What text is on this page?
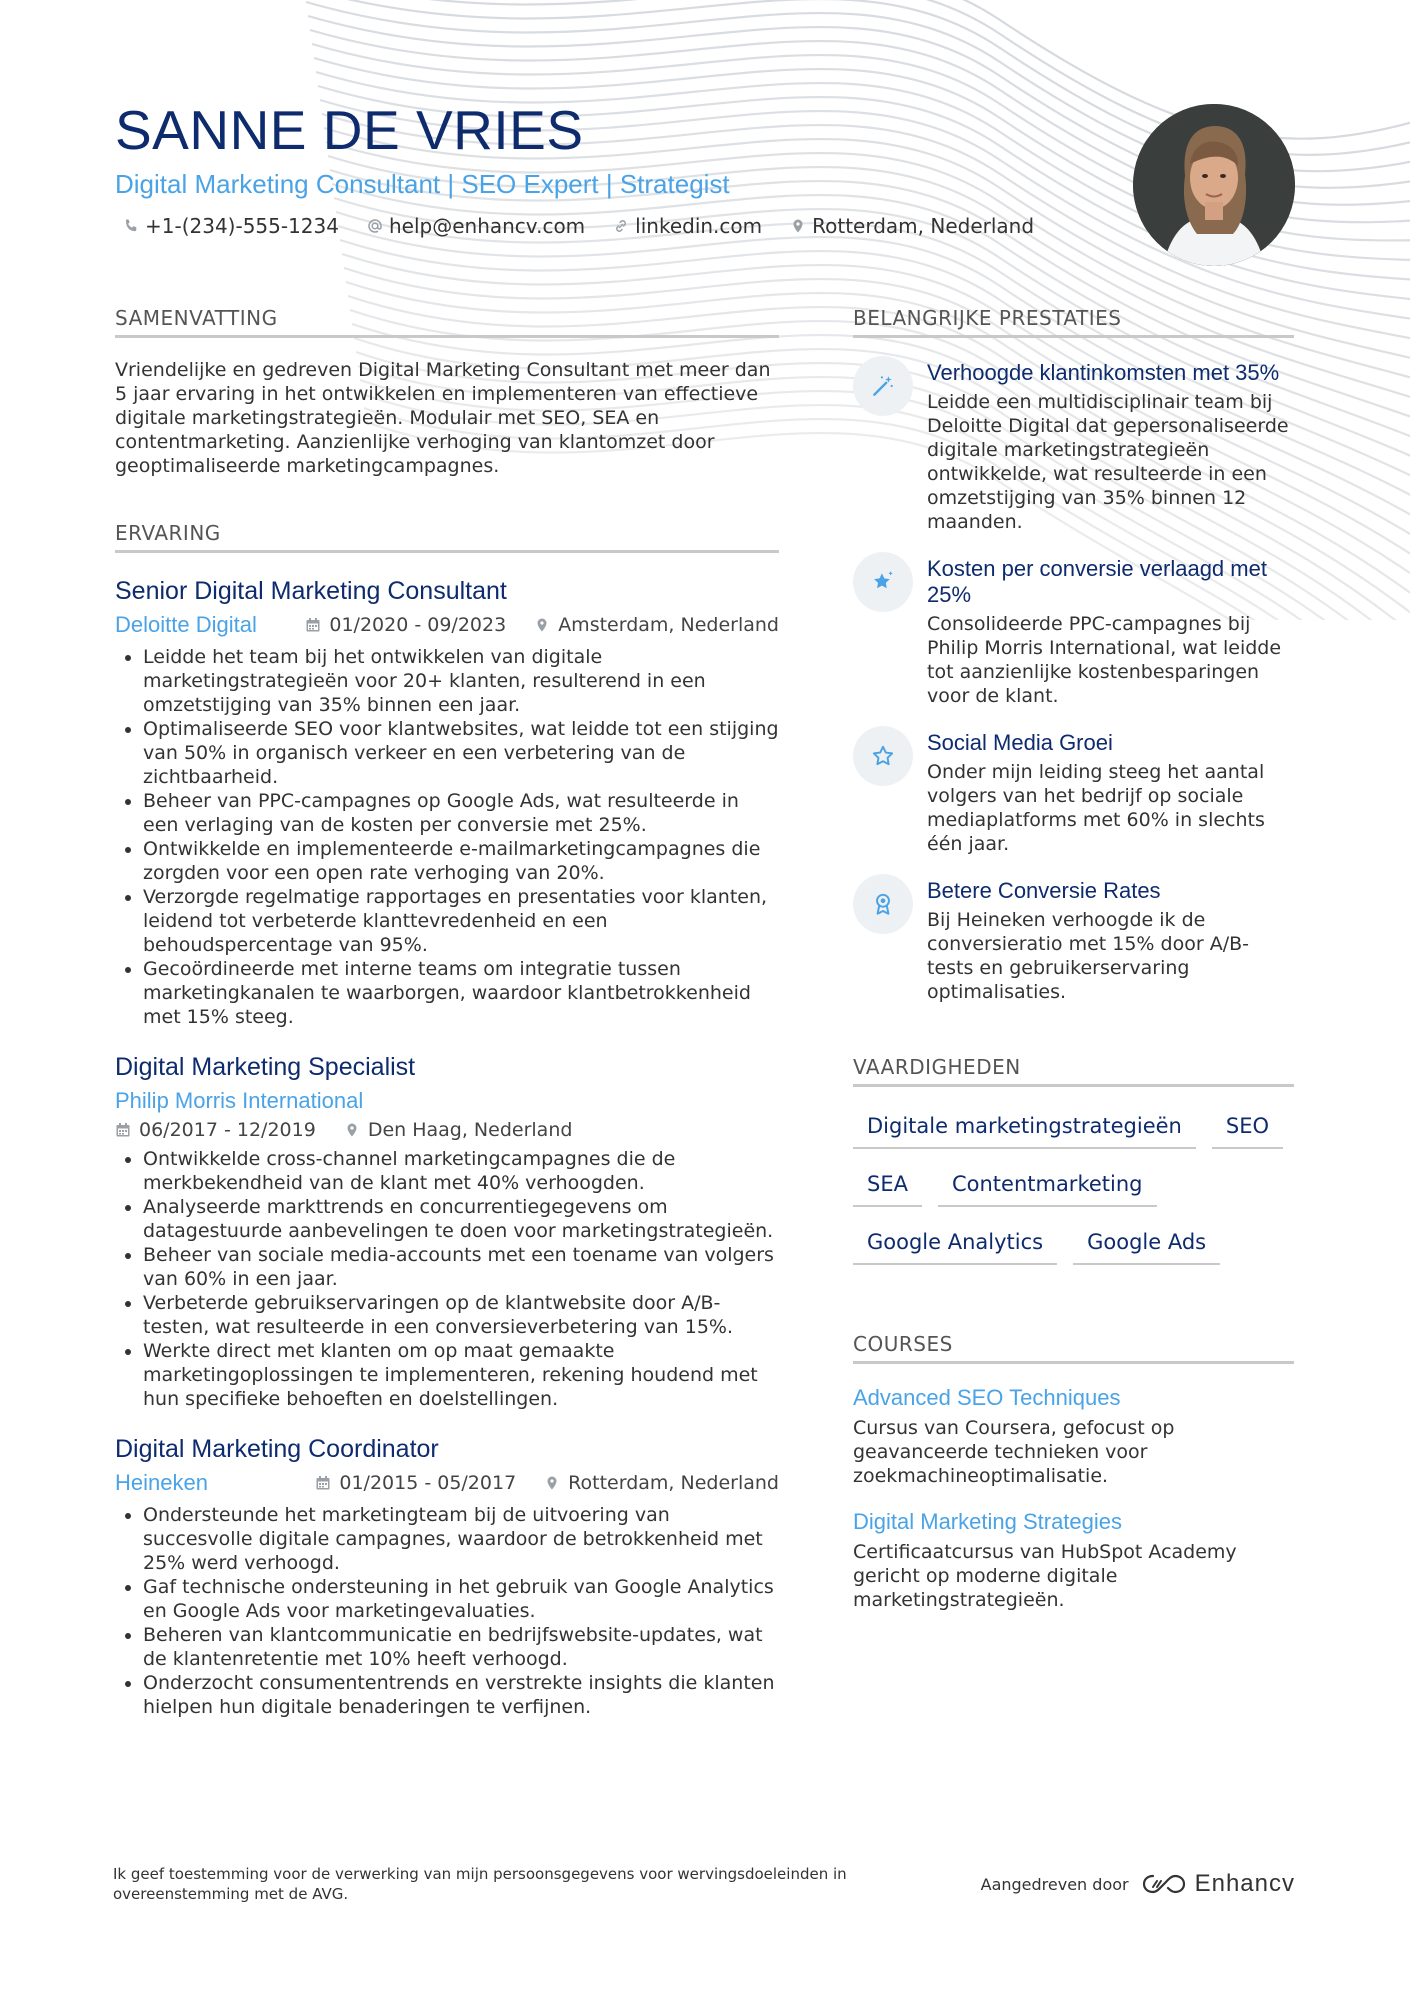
SANNE DE VRIES
Digital Marketing Consultant | SEO Expert | Strategist
+1-(234)-555-1234	help@enhancv.com	linkedin.com	Rotterdam, Nederland
SAMENVATTING

Vriendelijke en gedreven Digital Marketing Consultant met meer dan 5 jaar ervaring in het ontwikkelen en implementeren van effectieve digitale marketingstrategieën. Modulair met SEO, SEA en contentmarketing. Aanzienlijke verhoging van klantomzet door geoptimaliseerde marketingcampagnes.

ERVARING
Senior Digital Marketing Consultant
Deloitte Digital	01/2020 - 09/2023	Amsterdam, Nederland
• Leidde het team bij het ontwikkelen van digitale marketingstrategieën voor 20+ klanten, resulterend in een omzetstijging van 35% binnen een jaar.
• Optimaliseerde SEO voor klantwebsites, wat leidde tot een stijging van 50% in organisch verkeer en een verbetering van de zichtbaarheid.
• Beheer van PPC-campagnes op Google Ads, wat resulteerde in een verlaging van de kosten per conversie met 25%.
• Ontwikkelde en implementeerde e-mailmarketingcampagnes die zorgden voor een open rate verhoging van 20%.
• Verzorgde regelmatige rapportages en presentaties voor klanten, leidend tot verbeterde klanttevredenheid en een behoudspercentage van 95%.
• Gecoördineerde met interne teams om integratie tussen marketingkanalen te waarborgen, waardoor klantbetrokkenheid met 15% steeg.
Digital Marketing Specialist
Philip Morris International
06/2017 - 12/2019	Den Haag, Nederland
• Ontwikkelde cross-channel marketingcampagnes die de merkbekendheid van de klant met 40% verhoogden.
• Analyseerde markttrends en concurrentiegegevens om datagestuurde aanbevelingen te doen voor marketingstrategieën.
• Beheer van sociale media-accounts met een toename van volgers van 60% in een jaar.
• Verbeterde gebruikservaringen op de klantwebsite door A/B-testen, wat resulteerde in een conversieverbetering van 15%.
• Werkte direct met klanten om op maat gemaakte marketingoplossingen te implementeren, rekening houdend met hun specifieke behoeften en doelstellingen.
Digital Marketing Coordinator
Heineken	01/2015 - 05/2017	Rotterdam, Nederland
• Ondersteunde het marketingteam bij de uitvoering van succesvolle digitale campagnes, waardoor de betrokkenheid met 25% werd verhoogd.
• Gaf technische ondersteuning in het gebruik van Google Analytics en Google Ads voor marketingevaluaties.
• Beheren van klantcommunicatie en bedrijfswebsite-updates, wat de klantenretentie met 10% heeft verhoogd.
• Onderzocht consumententrends en verstrekte insights die klanten hielpen hun digitale benaderingen te verfijnen.
BELANGRIJKE PRESTATIES
Verhoogde klantinkomsten met 35%
Leidde een multidisciplinair team bij Deloitte Digital dat gepersonaliseerde digitale marketingstrategieën ontwikkelde, wat resulteerde in een omzetstijging van 35% binnen 12 maanden.
Kosten per conversie verlaagd met 25%
Consolideerde PPC-campagnes bij Philip Morris International, wat leidde tot aanzienlijke kostenbesparingen voor de klant.
Social Media Groei
Onder mijn leiding steeg het aantal volgers van het bedrijf op sociale mediaplatforms met 60% in slechts één jaar.
Betere Conversie Rates
Bij Heineken verhoogde ik de conversieratio met 15% door A/B-tests en gebruikerservaring optimalisaties.
VAARDIGHEDEN
Digitale marketingstrategieën	SEO
SEA	Contentmarketing
Google Analytics	Google Ads
COURSES
Advanced SEO Techniques
Cursus van Coursera, gefocust op geavanceerde technieken voor zoekmachineoptimalisatie.
Digital Marketing Strategies
Certificaatcursus van HubSpot Academy gericht op moderne digitale marketingstrategieën.
Ik geef toestemming voor de verwerking van mijn persoonsgegevens voor wervingsdoeleinden in overeenstemming met de AVG.
Aangedreven door	Enhancv
